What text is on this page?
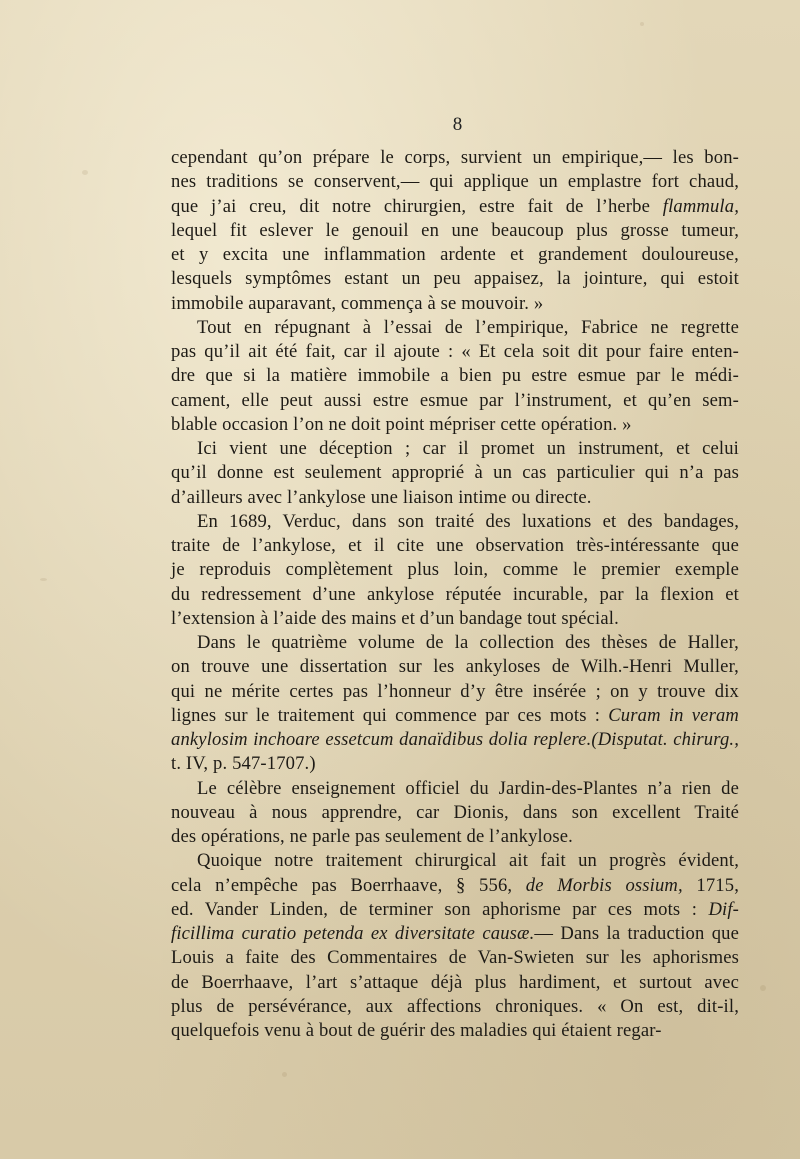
8

cependant qu’on prépare le corps, survient un empirique,— les bon-

nes traditions se conservent,— qui applique un emplastre fort chaud,

que j’ai creu, dit notre chirurgien, estre fait de l’herbe flammula,

lequel fit eslever le genouil en une beaucoup plus grosse tumeur,

et y excita une inflammation ardente et grandement douloureuse,

lesquels symptômes estant un peu appaisez, la jointure, qui estoit

immobile auparavant, commença à se mouvoir. »

Tout en répugnant à l’essai de l’empirique, Fabrice ne regrette

pas qu’il ait été fait, car il ajoute : « Et cela soit dit pour faire enten-

dre que si la matière immobile a bien pu estre esmue par le médi-

cament, elle peut aussi estre esmue par l’instrument, et qu’en sem-

blable occasion l’on ne doit point mépriser cette opération. »

Ici vient une déception ; car il promet un instrument, et celui

qu’il donne est seulement approprié à un cas particulier qui n’a pas

d’ailleurs avec l’ankylose une liaison intime ou directe.

En 1689, Verduc, dans son traité des luxations et des bandages,

traite de l’ankylose, et il cite une observation très-intéressante que

je reproduis complètement plus loin, comme le premier exemple

du redressement d’une ankylose réputée incurable, par la flexion et

l’extension à l’aide des mains et d’un bandage tout spécial.

Dans le quatrième volume de la collection des thèses de Haller,

on trouve une dissertation sur les ankyloses de Wilh.-Henri Muller,

qui ne mérite certes pas l’honneur d’y être insérée ; on y trouve dix

lignes sur le traitement qui commence par ces mots : Curam in veram

ankylosim inchoare essetcum danaïdibus dolia replere.(Disputat. chirurg.,

t. IV, p. 547-1707.)

Le célèbre enseignement officiel du Jardin-des-Plantes n’a rien de

nouveau à nous apprendre, car Dionis, dans son excellent Traité

des opérations, ne parle pas seulement de l’ankylose.

Quoique notre traitement chirurgical ait fait un progrès évident,

cela n’empêche pas Boerrhaave, § 556, de Morbis ossium, 1715,

ed. Vander Linden, de terminer son aphorisme par ces mots : Dif-

ficillima curatio petenda ex diversitate causæ.— Dans la traduction que

Louis a faite des Commentaires de Van-Swieten sur les aphorismes

de Boerrhaave, l’art s’attaque déjà plus hardiment, et surtout avec

plus de persévérance, aux affections chroniques. « On est, dit-il,

quelquefois venu à bout de guérir des maladies qui étaient regar-
